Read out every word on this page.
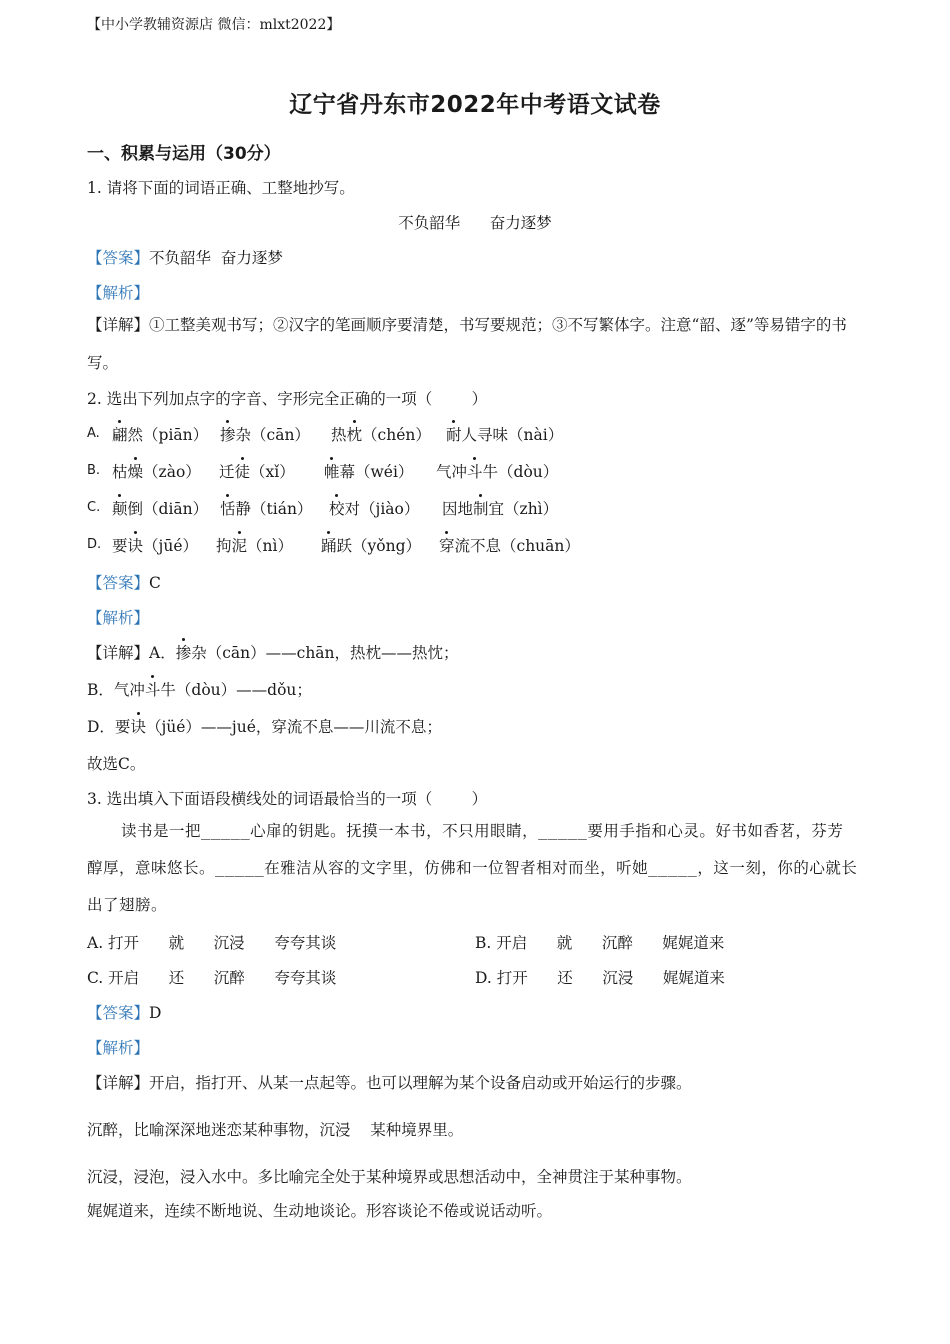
【中小学教辅资源店 微信：mlxt2022】
辽宁省丹东市2022年中考语文试卷
一、积累与运用（30分）
1. 请将下面的词语正确、工整地抄写。
不负韶华      奋力逐梦
【答案】不负韶华  奋力逐梦
【解析】
【详解】①工整美观书写；②汉字的笔画顺序要清楚，书写要规范；③不写繁体字。注意“韶、逐”等易错字的书写。
2. 选出下列加点字的字音、字形完全正确的一项（        ）
A. 翩然（piān） 掺杂（cān） 热枕（chén） 耐人寻味（nài）
B. 枯燥（zào） 迁徒（xǐ） 帷幕（wéi） 气冲斗牛（dòu）
C. 颠倒（diān） 恬静（tián） 校对（jiào） 因地制宜（zhì）
D. 要诀（jūé） 拘泥（nì） 踊跃（yǒng） 穿流不息（chuān）
【答案】C
【解析】
【详解】A．掺杂（cān）——chān，热枕——热忱；
B．气冲斗牛（dòu）——dǒu；
D．要诀（jüé）——jué，穿流不息——川流不息；
故选C。
3. 选出填入下面语段横线处的词语最恰当的一项（        ）
读书是一把_____心扉的钥匙。抚摸一本书，不只用眼睛，_____要用手指和心灵。好书如香茗，芬芳醇厚，意味悠长。_____在雅洁从容的文字里，仿佛和一位智者相对而坐，听她_____，这一刻，你的心就长出了翅膀。
A. 打开      就      沉浸      夸夸其谈	B. 开启      就      沉醉      娓娓道来
C. 开启      还      沉醉      夸夸其谈	D. 打开      还      沉浸      娓娓道来
【答案】D
【解析】
【详解】开启，指打开、从某一点起等。也可以理解为某个设备启动或开始运行的步骤。
沉醉，比喻深深地迷恋某种事物，沉浸    某种境界里。
沉浸，浸泡，浸入水中。多比喻完全处于某种境界或思想活动中，全神贯注于某种事物。
娓娓道来，连续不断地说、生动地谈论。形容谈论不倦或说话动听。
